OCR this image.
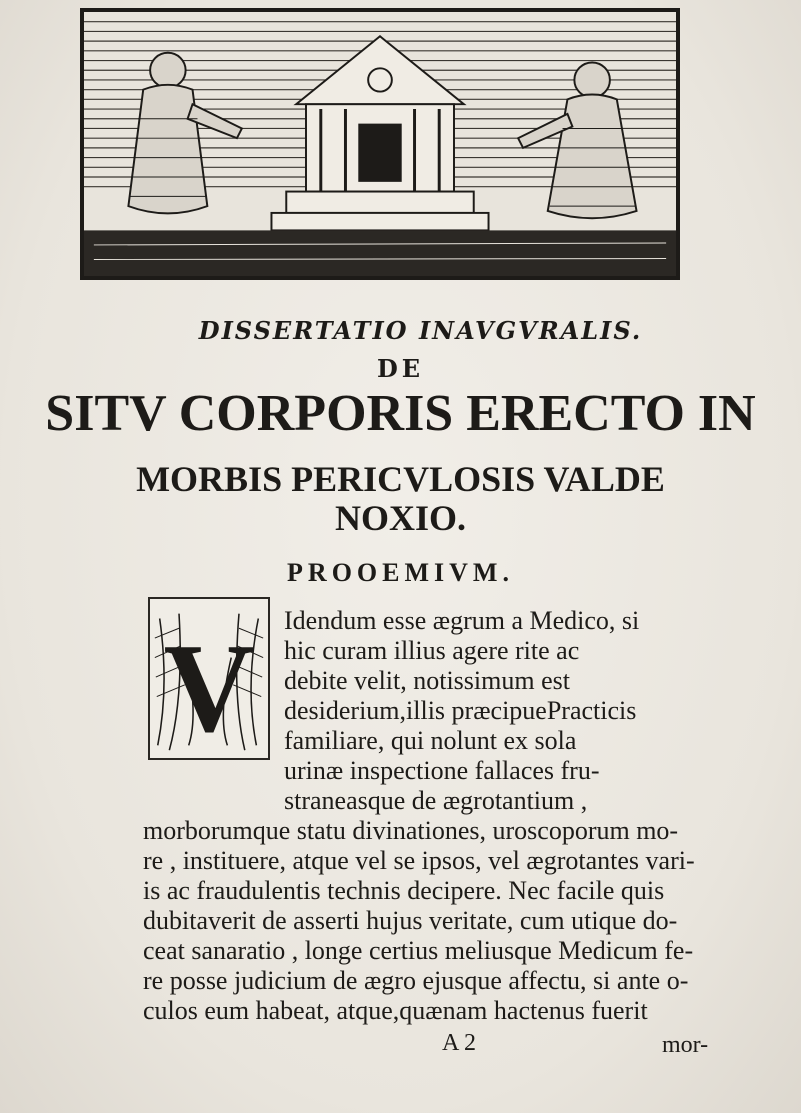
DISSERTATIO INAVGVRALIS.
DE
SITV CORPORIS ERECTO IN
MORBIS PERICVLOSIS VALDE
NOXIO.
PROOEMIVM.
V Idendum esse ægrum a Medico, si
hic curam illius agere rite ac
debite velit, notissimum est
desiderium,illis præcipuePracticis
familiare, qui nolunt ex sola
urinæ inspectione fallaces fru-
straneasque de ægrotantium ,
morborumque statu divinationes, uroscoporum mo-
re , instituere, atque vel se ipsos, vel ægrotantes vari-
is ac fraudulentis technis decipere. Nec facile quis
dubitaverit de asserti hujus veritate, cum utique do-
ceat sanaratio , longe certius meliusque Medicum fe-
re posse judicium de ægro ejusque affectu, si ante o-
culos eum habeat, atque,quænam hactenus fuerit
A 2	mor-
